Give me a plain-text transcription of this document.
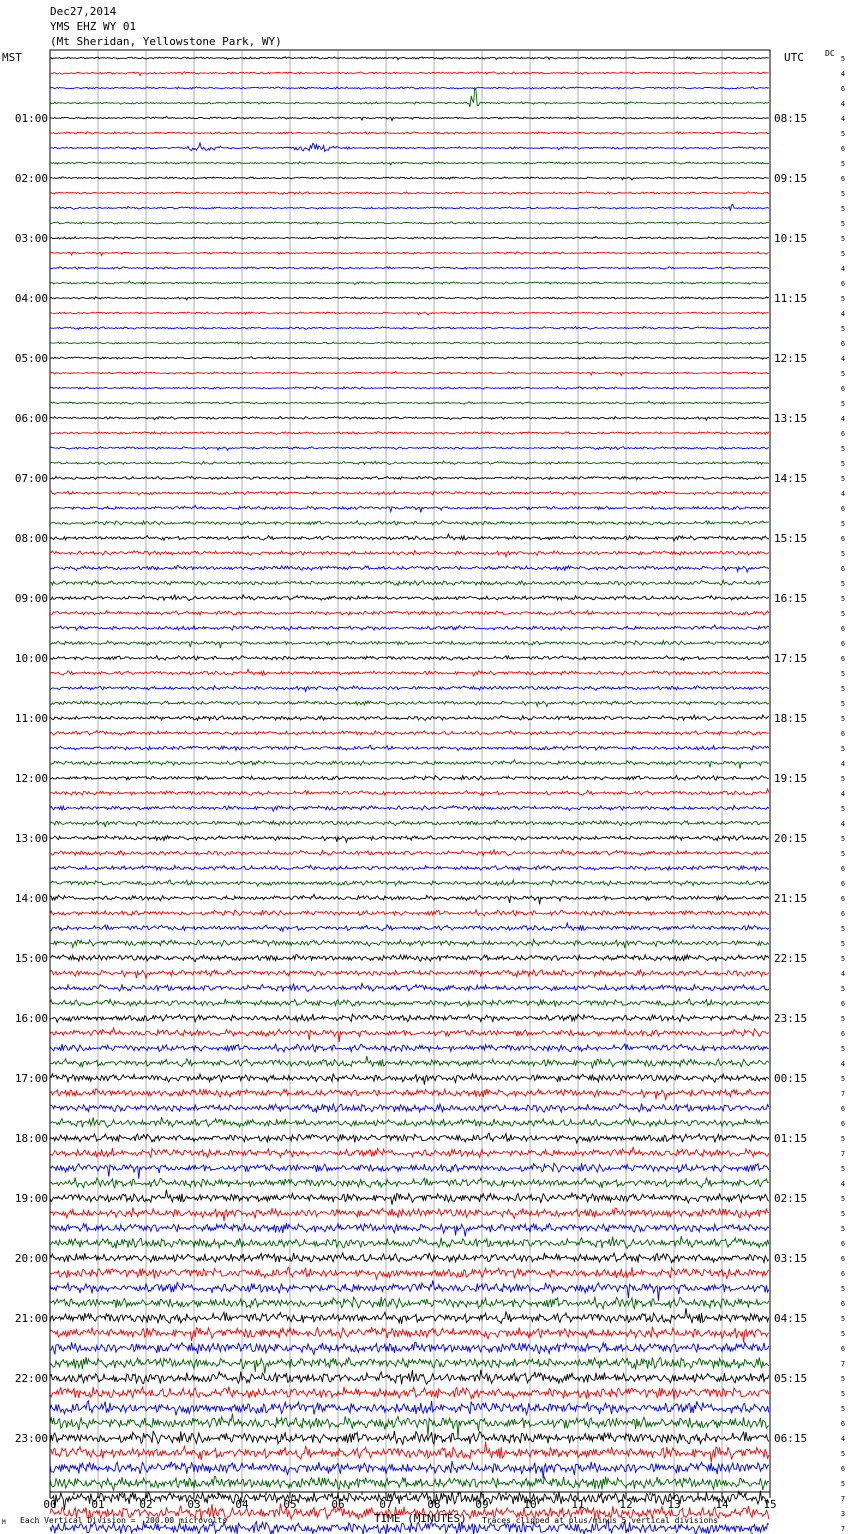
00	01	02	03	04	05	06	07	08	09	10	11	12	13	14	15
5
4
6
4
4
5
6
5
6
5
5
5
5
5
4
6
5
4
5
6
4
5
6
5
4
6
5
5
5
4
6
5
6
5
6
5
5
5
6
6
6
5
5
5
5
6
5
4
5
4
5
4
5
5
6
6
6
6
5
5
5
4
5
6
5
6
5
4
5
7
6
6
5
7
5
4
5
5
5
6
6
6
5
6
5
5
6
7
5
5
5
6
4
5
6
5
7
3
7
01:00	08:15
02:00	09:15
03:00	10:15
04:00	11:15
05:00	12:15
06:00	13:15
07:00	14:15
08:00	15:15
09:00	16:15
10:00	17:15
11:00	18:15
12:00	19:15
13:00	20:15
14:00	21:15
15:00	22:15
16:00	23:15
17:00	00:15
18:00	01:15
19:00	02:15
20:00	03:15
21:00	04:15
22:00	05:15
23:00	06:15
Dec27,2014
YMS EHZ WY 01
(Mt Sheridan, Yellowstone Park, WY)
MST	UTC	DC
TIME (MINUTES)
Each Vertical Division =  200.00 microvolts	Traces clipped at plus/minus 5 vertical divisions
M
